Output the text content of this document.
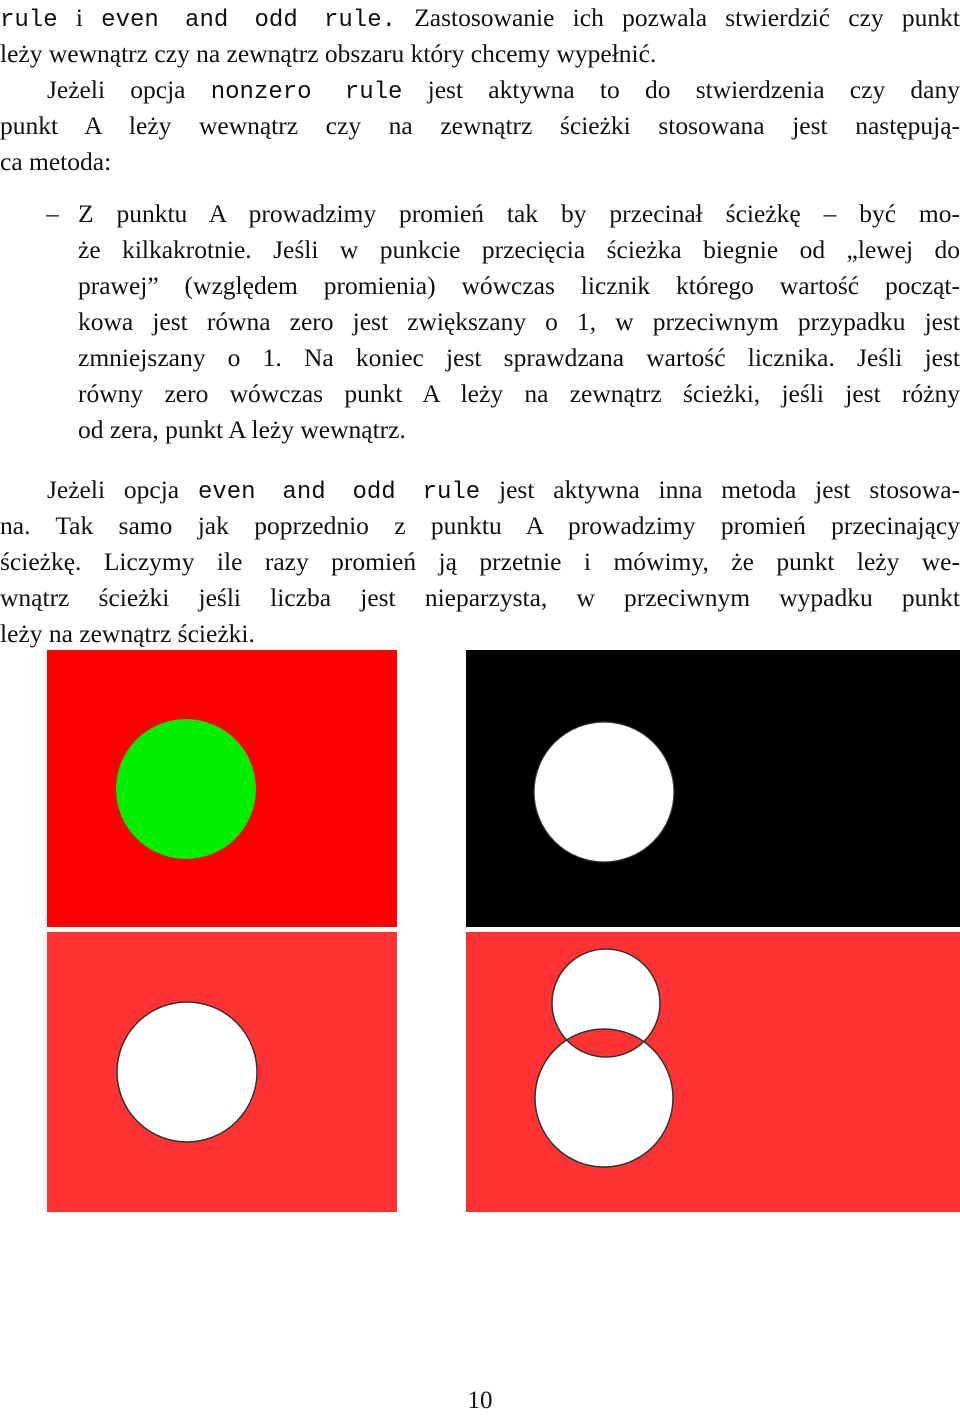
rule i even and odd rule. Zastosowanie ich pozwala stwierdzić czy punkt
leży wewnątrz czy na zewnątrz obszaru który chcemy wypełnić.
Jeżeli opcja nonzero rule jest aktywna to do stwierdzenia czy dany
punkt A leży wewnątrz czy na zewnątrz ścieżki stosowana jest następują-
ca metoda:
– Z punktu A prowadzimy promień tak by przecinał ścieżkę – być mo-
że kilkakrotnie. Jeśli w punkcie przecięcia ścieżka biegnie od „lewej do
prawej” (względem promienia) wówczas licznik którego wartość począt-
kowa jest równa zero jest zwiększany o 1, w przeciwnym przypadku jest
zmniejszany o 1. Na koniec jest sprawdzana wartość licznika. Jeśli jest
równy zero wówczas punkt A leży na zewnątrz ścieżki, jeśli jest różny
od zera, punkt A leży wewnątrz.
Jeżeli opcja even and odd rule jest aktywna inna metoda jest stosowa-
na. Tak samo jak poprzednio z punktu A prowadzimy promień przecinający
ścieżkę. Liczymy ile razy promień ją przetnie i mówimy, że punkt leży we-
wnątrz ścieżki jeśli liczba jest nieparzysta, w przeciwnym wypadku punkt
leży na zewnątrz ścieżki.
10
